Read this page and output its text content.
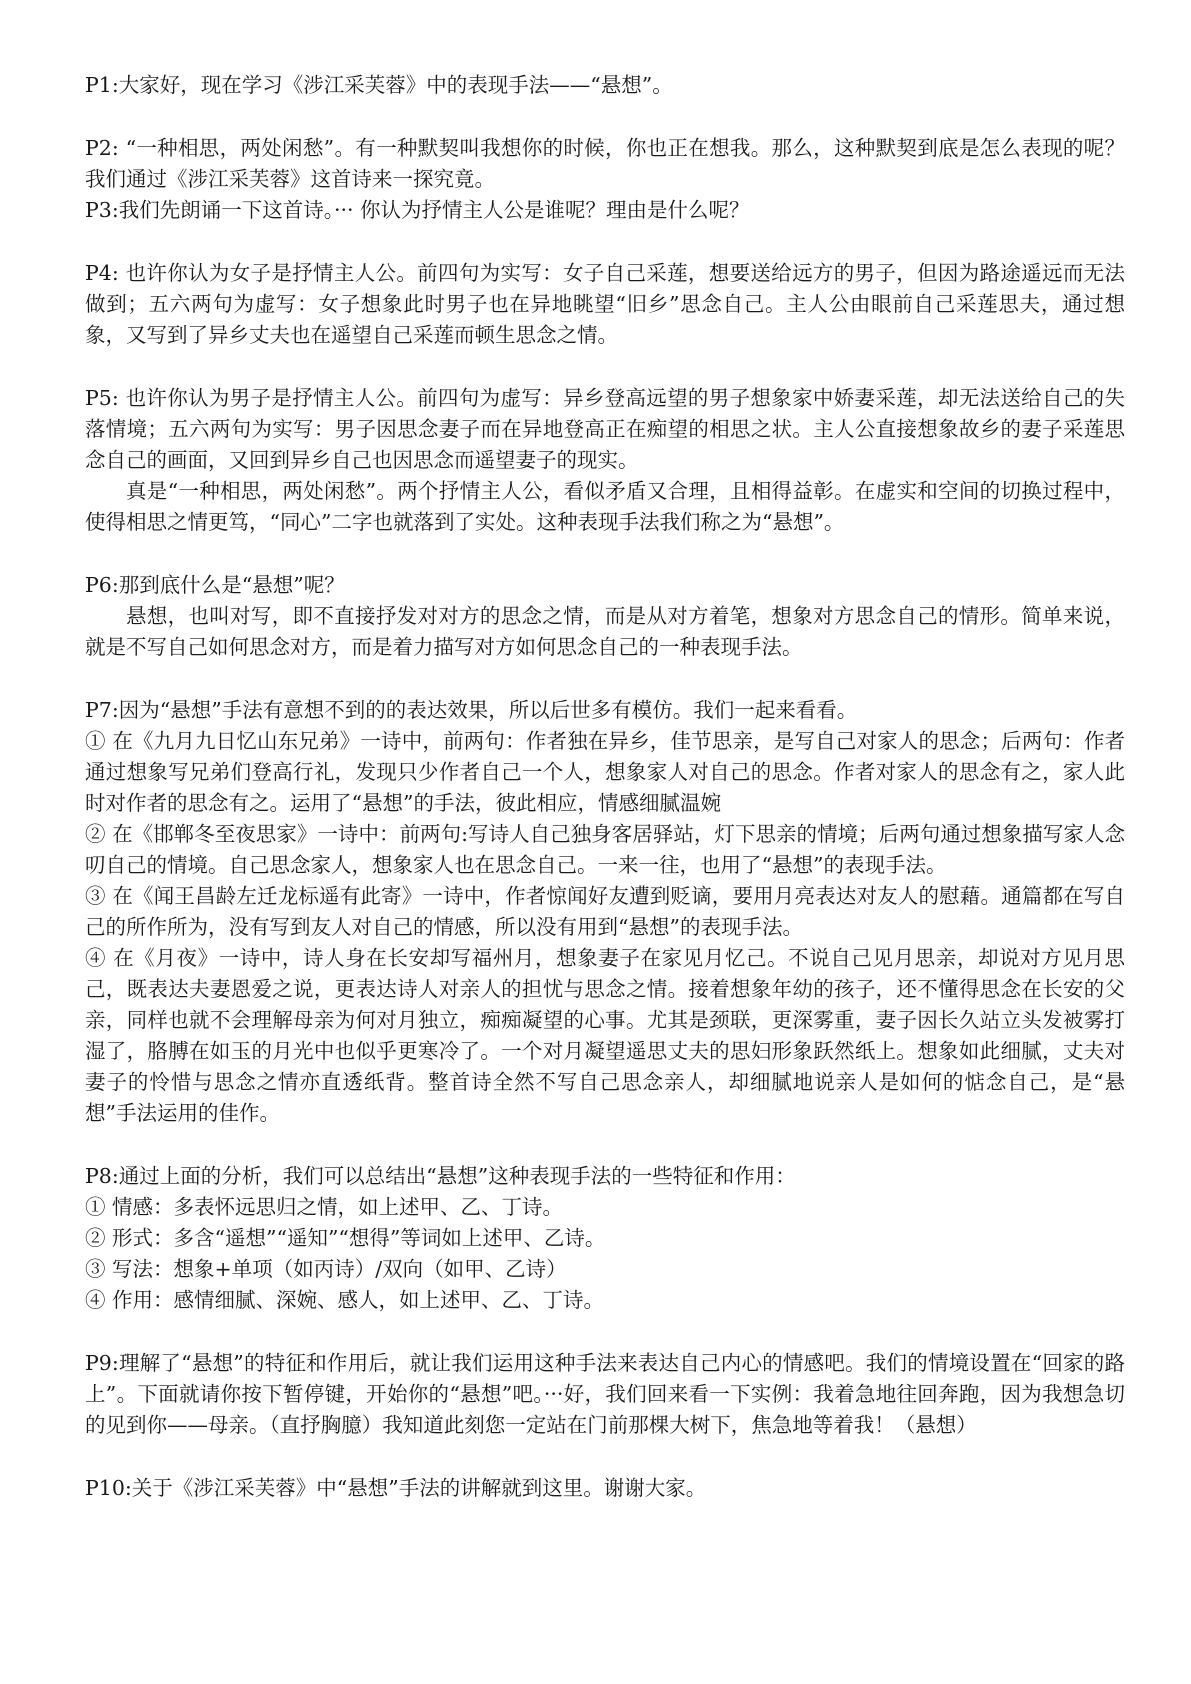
P1:大家好，现在学习《涉江采芙蓉》中的表现手法——“悬想”。

P2: “一种相思，两处闲愁”。有一种默契叫我想你的时候，你也正在想我。那么，这种默契到底是怎么表现的呢？我们通过《涉江采芙蓉》这首诗来一探究竟。

P3:我们先朗诵一下这首诗。··· 你认为抒情主人公是谁呢？理由是什么呢？

P4: 也许你认为女子是抒情主人公。前四句为实写：女子自己采莲，想要送给远方的男子，但因为路途遥远而无法做到；五六两句为虚写：女子想象此时男子也在异地眺望“旧乡”思念自己。主人公由眼前自己采莲思夫，通过想象，又写到了异乡丈夫也在遥望自己采莲而顿生思念之情。

P5: 也许你认为男子是抒情主人公。前四句为虚写：异乡登高远望的男子想象家中娇妻采莲，却无法送给自己的失落情境；五六两句为实写：男子因思念妻子而在异地登高正在痴望的相思之状。主人公直接想象故乡的妻子采莲思念自己的画面，又回到异乡自己也因思念而遥望妻子的现实。

真是“一种相思，两处闲愁”。两个抒情主人公，看似矛盾又合理，且相得益彰。在虚实和空间的切换过程中，使得相思之情更笃，“同心”二字也就落到了实处。这种表现手法我们称之为“悬想”。

P6:那到底什么是“悬想”呢？

悬想，也叫对写，即不直接抒发对对方的思念之情，而是从对方着笔，想象对方思念自己的情形。简单来说，就是不写自己如何思念对方，而是着力描写对方如何思念自己的一种表现手法。

P7:因为“悬想”手法有意想不到的的表达效果，所以后世多有模仿。我们一起来看看。

① 在《九月九日忆山东兄弟》一诗中，前两句：作者独在异乡，佳节思亲，是写自己对家人的思念；后两句：作者通过想象写兄弟们登高行礼，发现只少作者自己一个人，想象家人对自己的思念。作者对家人的思念有之，家人此时对作者的思念有之。运用了“悬想”的手法，彼此相应，情感细腻温婉

② 在《邯郸冬至夜思家》一诗中：前两句:写诗人自己独身客居驿站，灯下思亲的情境；后两句通过想象描写家人念叨自己的情境。自己思念家人，想象家人也在思念自己。一来一往，也用了“悬想”的表现手法。

③ 在《闻王昌龄左迁龙标遥有此寄》一诗中，作者惊闻好友遭到贬谪，要用月亮表达对友人的慰藉。通篇都在写自己的所作所为，没有写到友人对自己的情感，所以没有用到“悬想”的表现手法。

④ 在《月夜》一诗中，诗人身在长安却写福州月，想象妻子在家见月忆己。不说自己见月思亲，却说对方见月思己，既表达夫妻恩爱之说，更表达诗人对亲人的担忧与思念之情。接着想象年幼的孩子，还不懂得思念在长安的父亲，同样也就不会理解母亲为何对月独立，痴痴凝望的心事。尤其是颈联，更深雾重，妻子因长久站立头发被雾打湿了，胳膊在如玉的月光中也似乎更寒冷了。一个对月凝望遥思丈夫的思妇形象跃然纸上。想象如此细腻，丈夫对妻子的怜惜与思念之情亦直透纸背。整首诗全然不写自己思念亲人，却细腻地说亲人是如何的惦念自己，是“悬想”手法运用的佳作。

P8:通过上面的分析，我们可以总结出“悬想”这种表现手法的一些特征和作用：

① 情感：多表怀远思归之情，如上述甲、乙、丁诗。

② 形式：多含“遥想”“遥知”“想得”等词如上述甲、乙诗。

③ 写法：想象+单项（如丙诗）/双向（如甲、乙诗）

④ 作用：感情细腻、深婉、感人，如上述甲、乙、丁诗。

P9:理解了“悬想”的特征和作用后，就让我们运用这种手法来表达自己内心的情感吧。我们的情境设置在“回家的路上”。下面就请你按下暂停键，开始你的“悬想”吧。···好，我们回来看一下实例：我着急地往回奔跑，因为我想急切的见到你——母亲。（直抒胸臆）我知道此刻您一定站在门前那棵大树下，焦急地等着我！（悬想）

P10:关于《涉江采芙蓉》中“悬想”手法的讲解就到这里。谢谢大家。
